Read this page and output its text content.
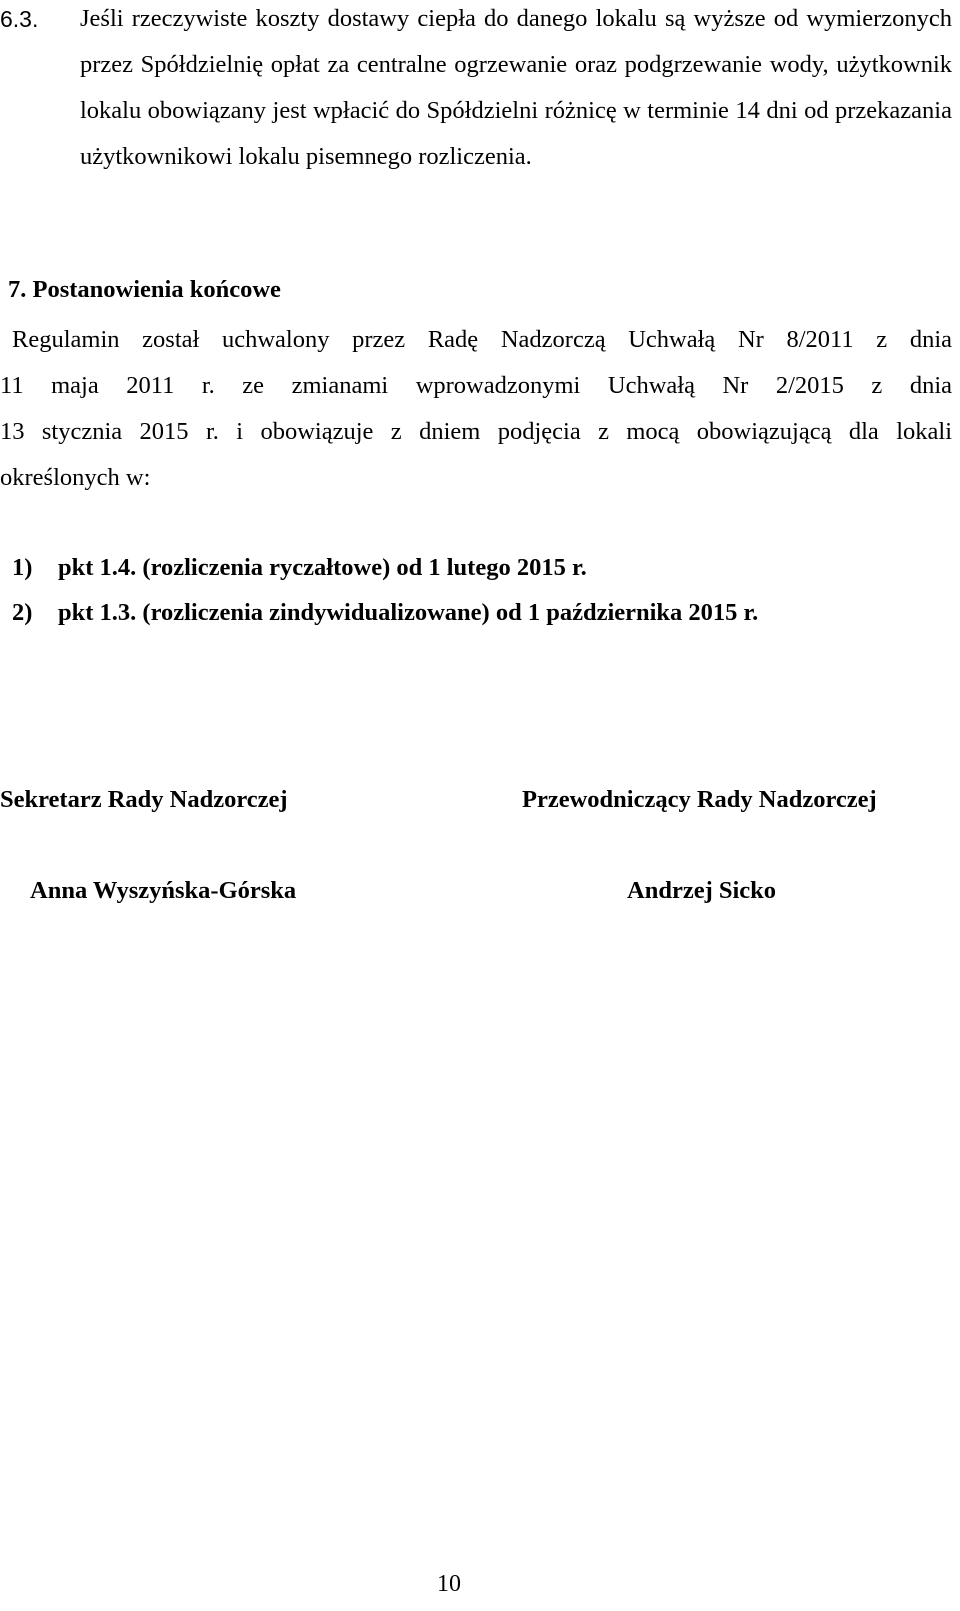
6.3. Jeśli rzeczywiste koszty dostawy ciepła do danego lokalu są wyższe od wymierzonych przez Spółdzielnię opłat za centralne ogrzewanie oraz podgrzewanie wody, użytkownik lokalu obowiązany jest wpłacić do Spółdzielni różnicę w terminie 14 dni od przekazania użytkownikowi lokalu pisemnego rozliczenia.
7. Postanowienia końcowe
Regulamin został uchwalony przez Radę Nadzorczą Uchwałą Nr 8/2011 z dnia
11 maja 2011 r. ze zmianami wprowadzonymi Uchwałą Nr 2/2015 z dnia
13 stycznia 2015 r. i obowiązuje z dniem podjęcia z mocą obowiązującą dla lokali
określonych w:
1) pkt 1.4. (rozliczenia ryczałtowe) od 1 lutego 2015 r.
2) pkt 1.3. (rozliczenia zindywidualizowane) od 1 października 2015 r.
Sekretarz Rady Nadzorczej	Przewodniczący Rady Nadzorczej
Anna Wyszyńska-Górska	Andrzej Sicko
10
